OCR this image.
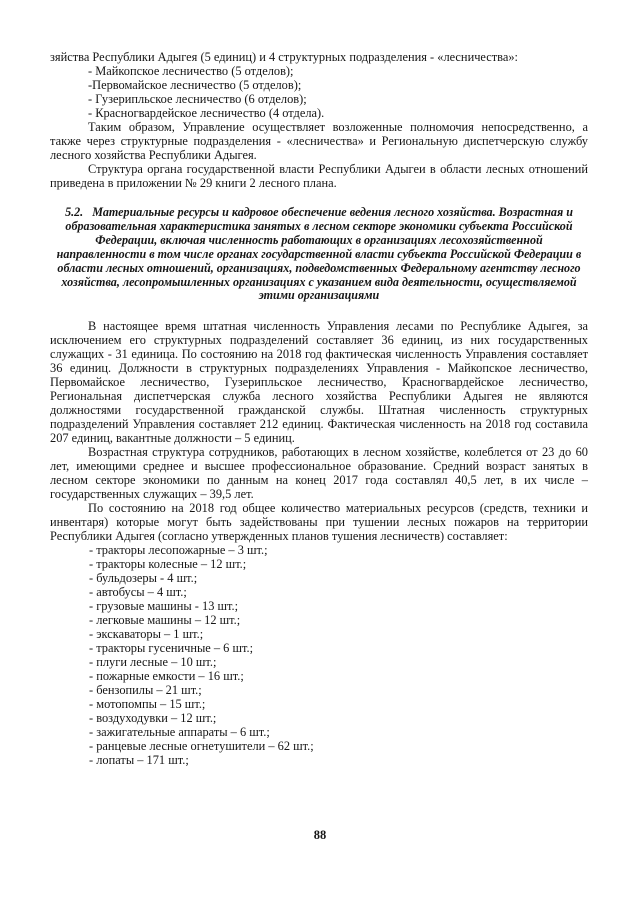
зяйства Республики Адыгея (5 единиц) и 4 структурных подразделения - «лесничества»:

- Майкопское лесничество (5 отделов);

-Первомайское лесничество (5 отделов);

- Гузерипльское лесничество (6 отделов);

- Красногвардейское лесничество (4 отдела).

Таким образом, Управление осуществляет возложенные полномочия непосредственно, а также через структурные подразделения - «лесничества» и Региональную диспетчерскую службу лесного хозяйства Республики Адыгея.

Структура органа государственной власти Республики Адыгеи в области лесных отношений приведена в приложении № 29 книги 2 лесного плана.

5.2. Материальные ресурсы и кадровое обеспечение ведения лесного хозяйства. Возрастная и образовательная характеристика занятых в лесном секторе экономики субъекта Российской Федерации, включая численность работающих в организациях лесохозяйственной направленности в том числе органах государственной власти субъекта Российской Федерации в области лесных отношений, организациях, подведомственных Федеральному агентству лесного хозяйства, лесопромышленных организациях с указанием вида деятельности, осуществляемой этими организациями

В настоящее время штатная численность Управления лесами по Республике Адыгея, за исключением его структурных подразделений составляет 36 единиц, из них государственных служащих - 31 единица. По состоянию на 2018 год фактическая численность Управления составляет 36 единиц. Должности в структурных подразделениях Управления - Майкопское лесничество, Первомайское лесничество, Гузерипльское лесничество, Красногвардейское лесничество, Региональная диспетчерская служба лесного хозяйства Республики Адыгея не являются должностями государственной гражданской службы. Штатная численность структурных подразделений Управления составляет 212 единиц. Фактическая численность на 2018 год составила 207 единиц, вакантные должности – 5 единиц.

Возрастная структура сотрудников, работающих в лесном хозяйстве, колеблется от 23 до 60 лет, имеющими среднее и высшее профессиональное образование. Средний возраст занятых в лесном секторе экономики по данным на конец 2017 года составлял 40,5 лет, в их числе – государственных служащих – 39,5 лет.

По состоянию на 2018 год общее количество материальных ресурсов (средств, техники и инвентаря) которые могут быть задействованы при тушении лесных пожаров на территории Республики Адыгея (согласно утвержденных планов тушения лесничеств) составляет:

- тракторы лесопожарные – 3 шт.;

- тракторы колесные – 12 шт.;

- бульдозеры - 4 шт.;

- автобусы – 4 шт.;

- грузовые машины - 13 шт.;

- легковые машины – 12 шт.;

- экскаваторы – 1 шт.;

- тракторы гусеничные – 6 шт.;

- плуги лесные – 10 шт.;

- пожарные емкости – 16 шт.;

- бензопилы – 21 шт.;

- мотопомпы – 15 шт.;

- воздуходувки – 12 шт.;

- зажигательные аппараты – 6 шт.;

- ранцевые лесные огнетушители – 62 шт.;

- лопаты – 171 шт.;

88
